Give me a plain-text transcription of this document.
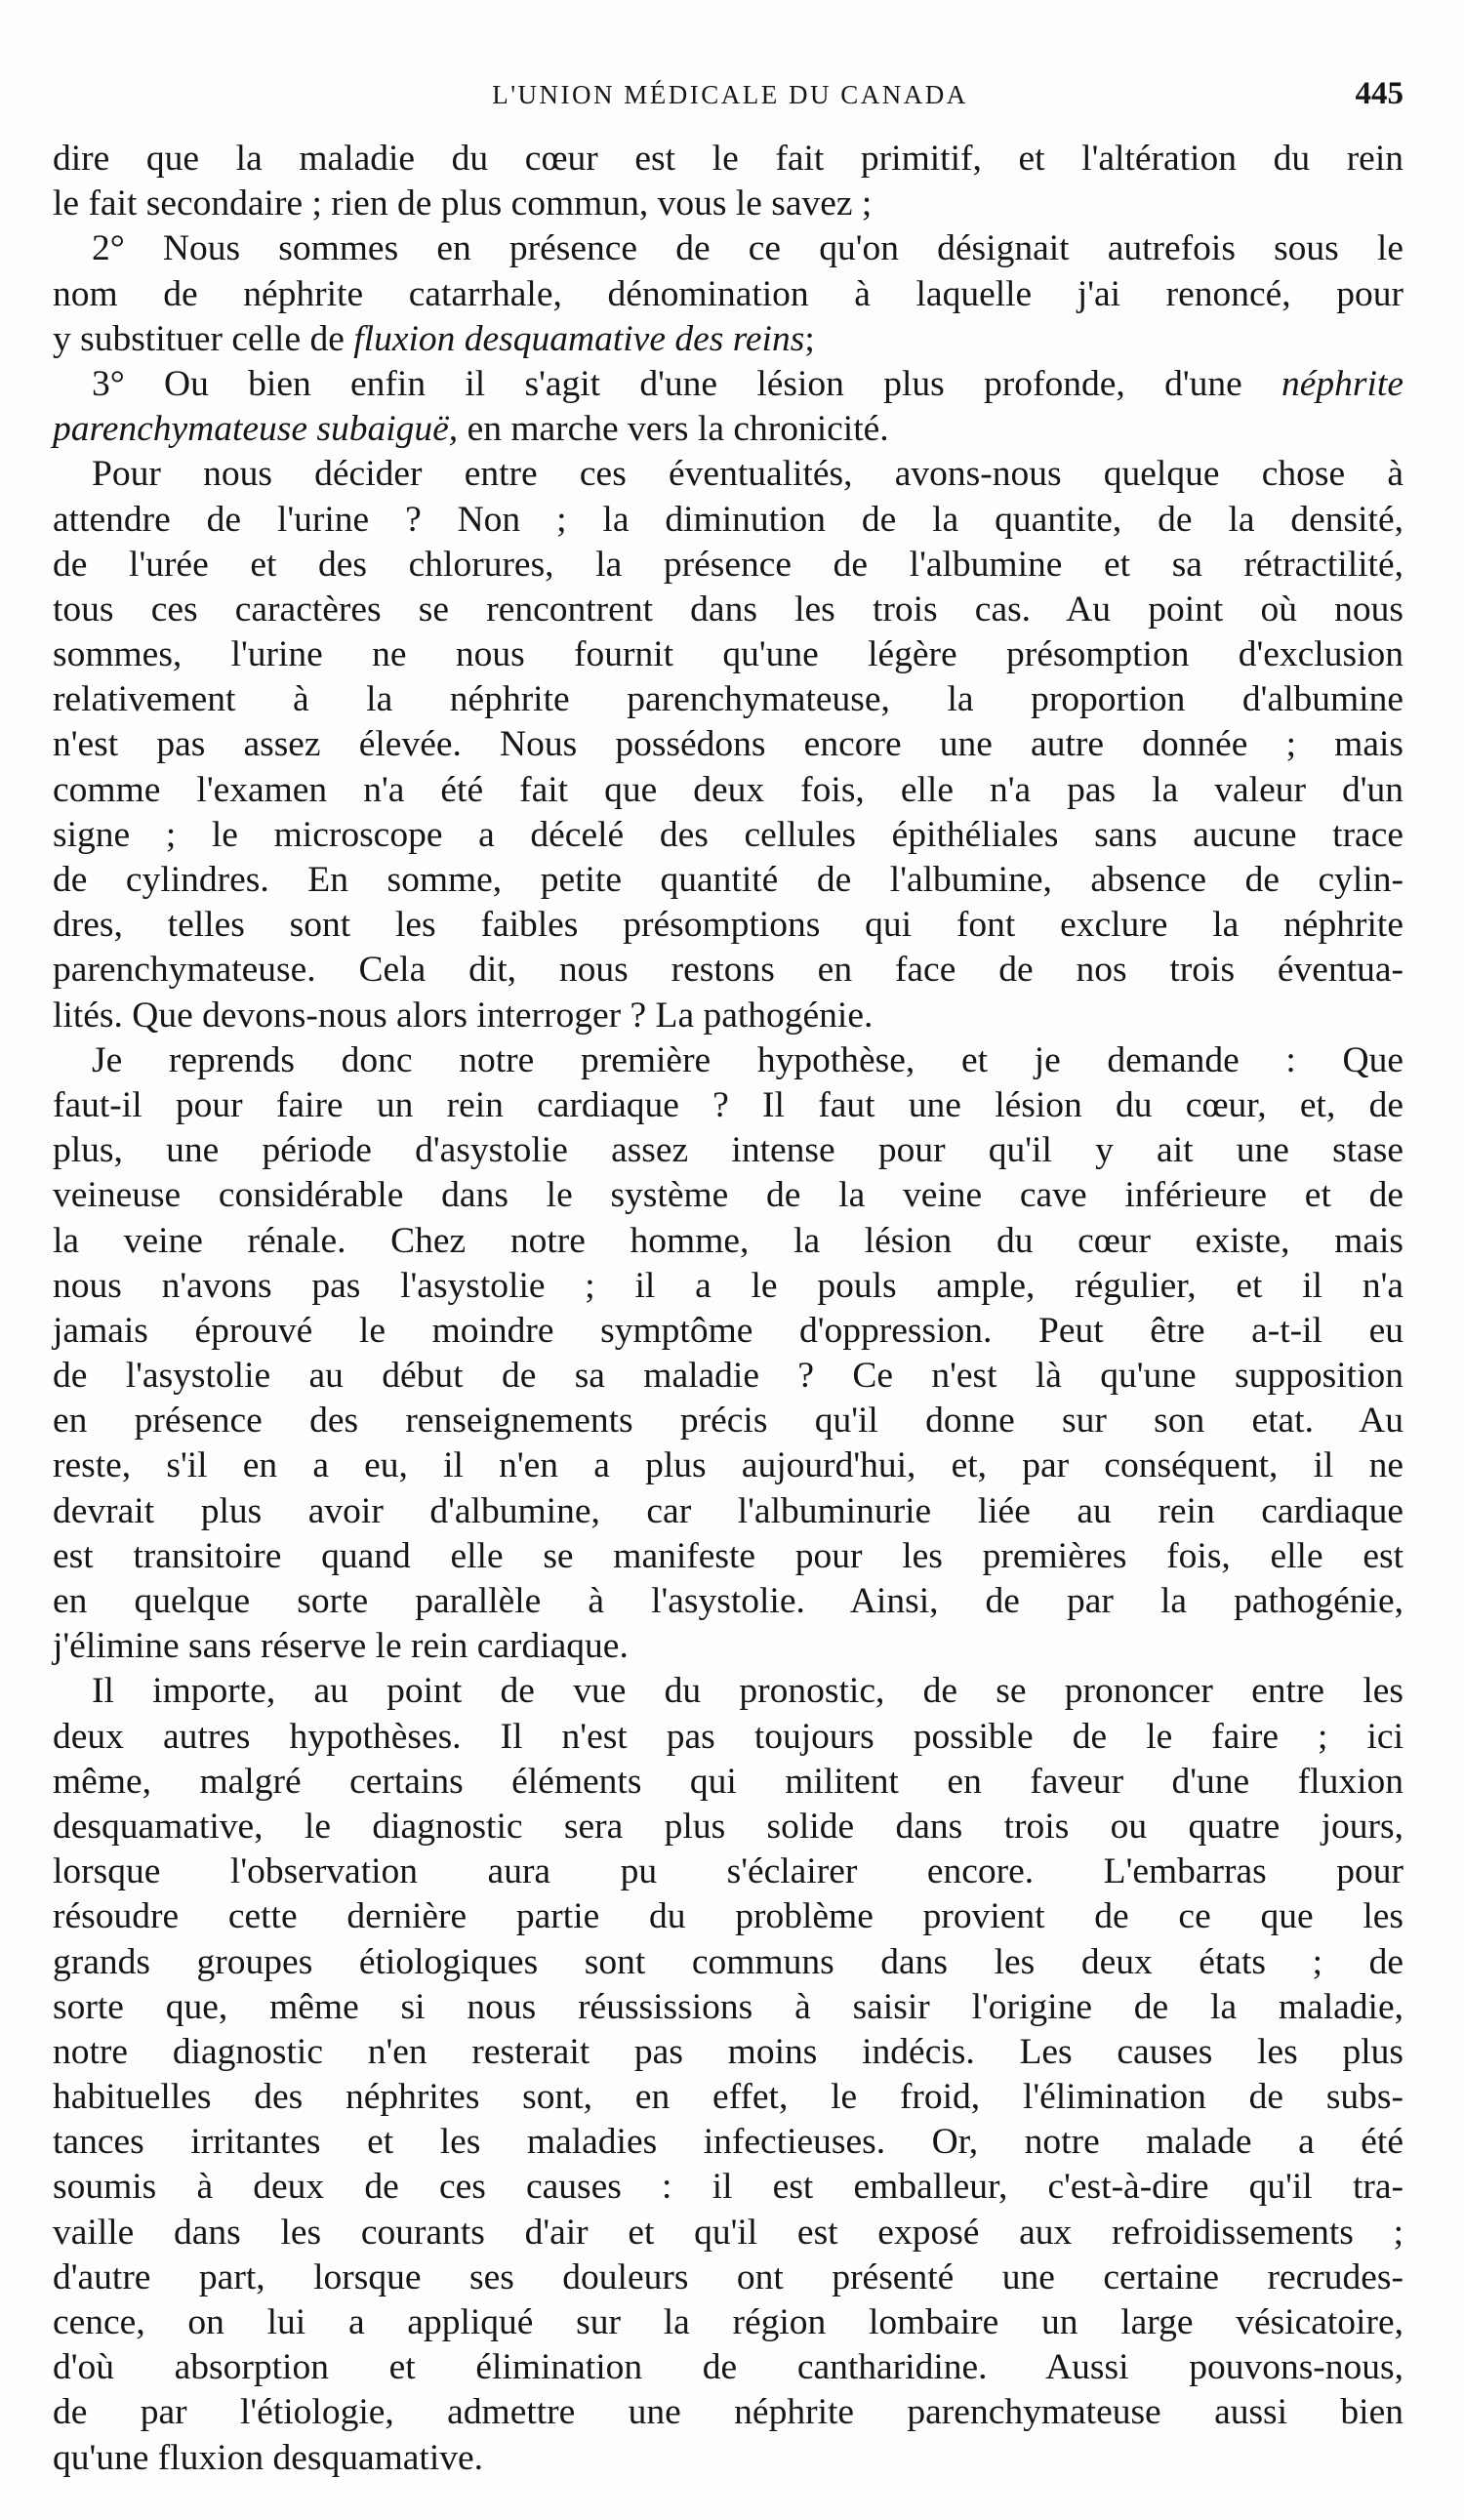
L'UNION MÉDICALE DU CANADA	445
dire que la maladie du cœur est le fait primitif, et l'altération du rein
le fait secondaire ; rien de plus commun, vous le savez ;
2° Nous sommes en présence de ce qu'on désignait autrefois sous le
nom de néphrite catarrhale, dénomination à laquelle j'ai renoncé, pour
y substituer celle de fluxion desquamative des reins;
3° Ou bien enfin il s'agit d'une lésion plus profonde, d'une néphrite
parenchymateuse subaiguë, en marche vers la chronicité.
Pour nous décider entre ces éventualités, avons-nous quelque chose à
attendre de l'urine ? Non ; la diminution de la quantite, de la densité,
de l'urée et des chlorures, la présence de l'albumine et sa rétractilité,
tous ces caractères se rencontrent dans les trois cas. Au point où nous
sommes, l'urine ne nous fournit qu'une légère présomption d'exclusion
relativement à la néphrite parenchymateuse, la proportion d'albumine
n'est pas assez élevée. Nous possédons encore une autre donnée ; mais
comme l'examen n'a été fait que deux fois, elle n'a pas la valeur d'un
signe ; le microscope a décelé des cellules épithéliales sans aucune trace
de cylindres. En somme, petite quantité de l'albumine, absence de cylin-
dres, telles sont les faibles présomptions qui font exclure la néphrite
parenchymateuse. Cela dit, nous restons en face de nos trois éventua-
lités. Que devons-nous alors interroger ? La pathogénie.
Je reprends donc notre première hypothèse, et je demande : Que
faut-il pour faire un rein cardiaque ? Il faut une lésion du cœur, et, de
plus, une période d'asystolie assez intense pour qu'il y ait une stase
veineuse considérable dans le système de la veine cave inférieure et de
la veine rénale. Chez notre homme, la lésion du cœur existe, mais
nous n'avons pas l'asystolie ; il a le pouls ample, régulier, et il n'a
jamais éprouvé le moindre symptôme d'oppression. Peut être a-t-il eu
de l'asystolie au début de sa maladie ? Ce n'est là qu'une supposition
en présence des renseignements précis qu'il donne sur son etat. Au
reste, s'il en a eu, il n'en a plus aujourd'hui, et, par conséquent, il ne
devrait plus avoir d'albumine, car l'albuminurie liée au rein cardiaque
est transitoire quand elle se manifeste pour les premières fois, elle est
en quelque sorte parallèle à l'asystolie. Ainsi, de par la pathogénie,
j'élimine sans réserve le rein cardiaque.
Il importe, au point de vue du pronostic, de se prononcer entre les
deux autres hypothèses. Il n'est pas toujours possible de le faire ; ici
même, malgré certains éléments qui militent en faveur d'une fluxion
desquamative, le diagnostic sera plus solide dans trois ou quatre jours,
lorsque l'observation aura pu s'éclairer encore. L'embarras pour
résoudre cette dernière partie du problème provient de ce que les
grands groupes étiologiques sont communs dans les deux états ; de
sorte que, même si nous réussissions à saisir l'origine de la maladie,
notre diagnostic n'en resterait pas moins indécis. Les causes les plus
habituelles des néphrites sont, en effet, le froid, l'élimination de subs-
tances irritantes et les maladies infectieuses. Or, notre malade a été
soumis à deux de ces causes : il est emballeur, c'est-à-dire qu'il tra-
vaille dans les courants d'air et qu'il est exposé aux refroidissements ;
d'autre part, lorsque ses douleurs ont présenté une certaine recrudes-
cence, on lui a appliqué sur la région lombaire un large vésicatoire,
d'où absorption et élimination de cantharidine. Aussi pouvons-nous,
de par l'étiologie, admettre une néphrite parenchymateuse aussi bien
qu'une fluxion desquamative.
